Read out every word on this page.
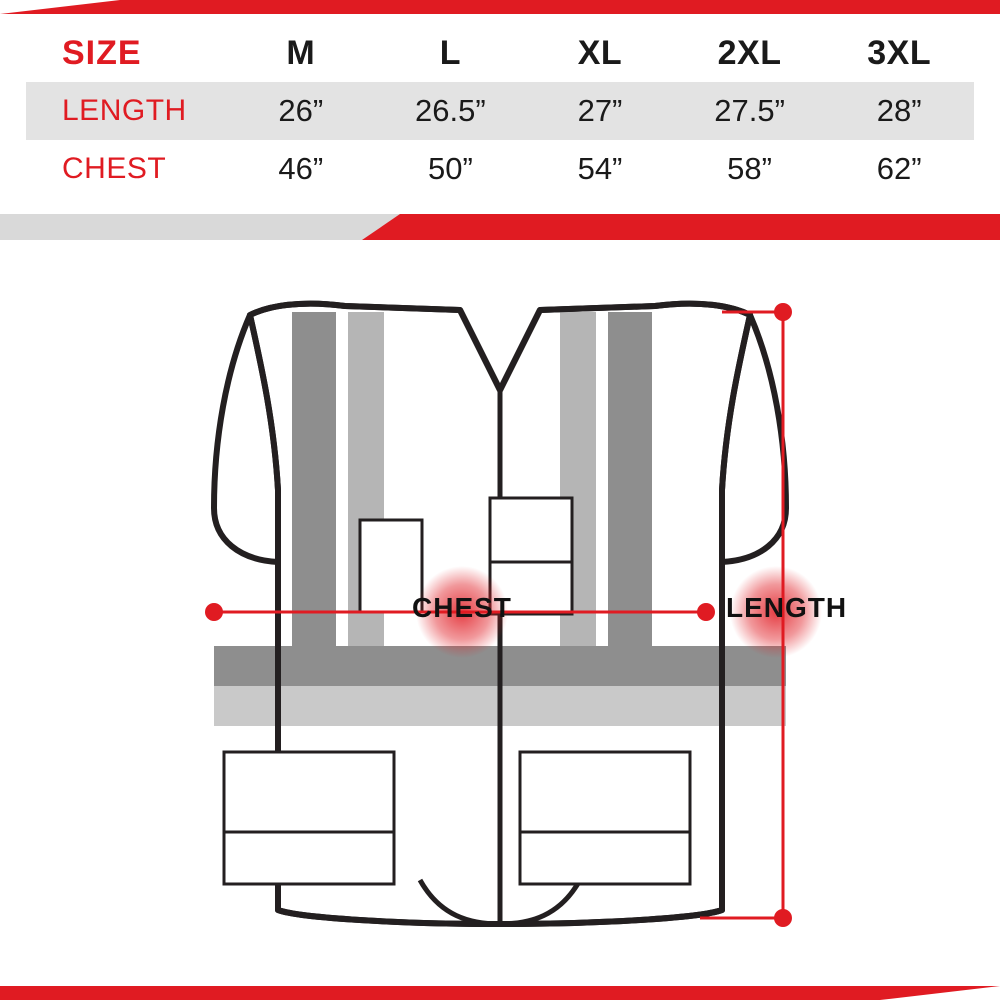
SIZE	M	L	XL	2XL	3XL
LENGTH	26”	26.5”	27”	27.5”	28”
CHEST	46”	50”	54”	58”	62”
CHEST	LENGTH
